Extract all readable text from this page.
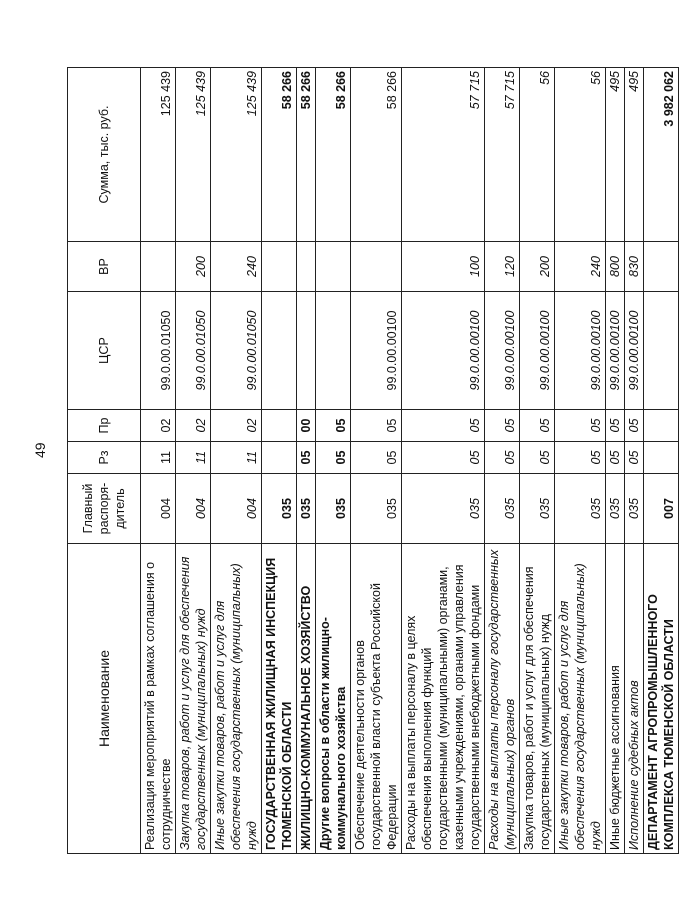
49
Наименование	Главный распоря-дитель	Рз	Пр	ЦСР	ВР	Сумма, тыс. руб.
Реализация мероприятий в рамках соглашения о сотрудничестве	004	11	02	99.0.00.01050		125 439
Закупка товаров, работ и услуг для обеспечения государственных (муниципальных) нужд	004	11	02	99.0.00.01050	200	125 439
Иные закупки товаров, работ и услуг для обеспечения государственных (муниципальных) нужд	004	11	02	99.0.00.01050	240	125 439
ГОСУДАРСТВЕННАЯ ЖИЛИЩНАЯ ИНСПЕКЦИЯ ТЮМЕНСКОЙ ОБЛАСТИ	035					58 266
ЖИЛИЩНО-КОММУНАЛЬНОЕ ХОЗЯЙСТВО	035	05	00			58 266
Другие вопросы в области жилищно-коммунального хозяйства	035	05	05			58 266
Обеспечение деятельности органов государственной власти субъекта Российской Федерации	035	05	05	99.0.00.00100		58 266
Расходы на выплаты персоналу в целях обеспечения выполнения функций государственными (муниципальными) органами, казенными учреждениями, органами управления государственными внебюджетными фондами	035	05	05	99.0.00.00100	100	57 715
Расходы на выплаты персоналу государственных (муниципальных) органов	035	05	05	99.0.00.00100	120	57 715
Закупка товаров, работ и услуг для обеспечения государственных (муниципальных) нужд	035	05	05	99.0.00.00100	200	56
Иные закупки товаров, работ и услуг для обеспечения государственных (муниципальных) нужд	035	05	05	99.0.00.00100	240	56
Иные бюджетные ассигнования	035	05	05	99.0.00.00100	800	495
Исполнение судебных актов	035	05	05	99.0.00.00100	830	495
ДЕПАРТАМЕНТ АГРОПРОМЫШЛЕННОГО КОМПЛЕКСА ТЮМЕНСКОЙ ОБЛАСТИ	007					3 982 062
